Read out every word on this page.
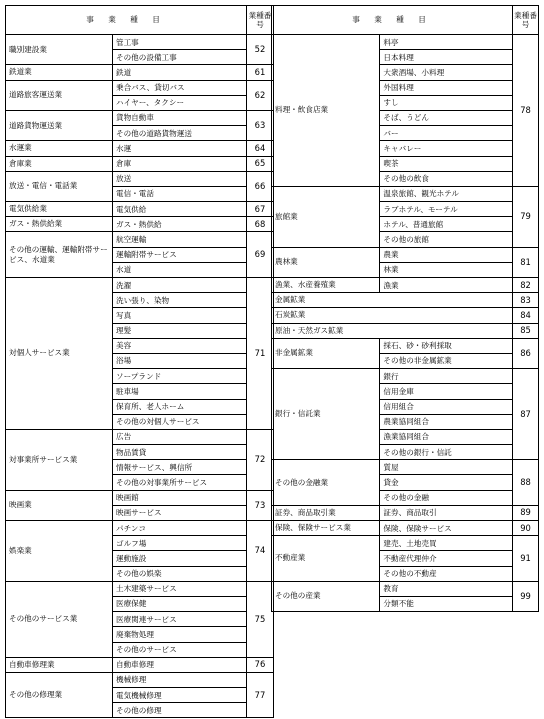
事 業 種 目		業種番号
職別建設業	管工事	52
	その他の設備工事	
鉄道業	鉄道	61
道路旅客運送業	乗合バス、貸切バス	62
	ハイヤー、タクシー	
道路貨物運送業	貨物自動車	63
	その他の道路貨物運送	
水運業	水運	64
倉庫業	倉庫	65
放送・電信・電話業	放送	66
	電信・電話	
電気供給業	電気供給	67
ガス・熱供給業	ガス・熱供給	68
その他の運輸、運輸附帯サービス、水道業	航空運輸	69
	運輸附帯サービス	
	水道	
対個人サービス業	洗濯	71
	洗い張り、染物	
	写真	
	理髪	
	美容	
	浴場	
	ソープランド	
	駐車場	
	保育所、老人ホーム	
	その他の対個人サービス	
対事業所サービス業	広告	72
	物品賃貸	
	情報サービス、興信所	
	その他の対事業所サービス	
映画業	映画館	73
	映画サービス	
娯楽業	パチンコ	74
	ゴルフ場	
	運動施設	
	その他の娯楽	
その他のサービス業	土木建築サービス	75
	医療保健	
	医療関連サービス	
	廃棄物処理	
	その他のサービス	
自動車修理業	自動車修理	76
その他の修理業	機械修理	77
	電気機械修理	
	その他の修理	
事 業 種 目		業種番号
料理・飲食店業	料亭	78
	日本料理	
	大衆酒場、小料理	
	外国料理	
	すし	
	そば、うどん	
	バー	
	キャバレー	
	喫茶	
	その他の飲食	
旅館業	温泉旅館、観光ホテル	79
	ラブホテル、モーテル	
	ホテル、普通旅館	
	その他の旅館	
農林業	農業	81
	林業	
漁業、水産養殖業	漁業	82
金属鉱業		83
石炭鉱業		84
原油・天然ガス鉱業		85
非金属鉱業	採石、砂・砂利採取	86
	その他の非金属鉱業	
銀行・信託業	銀行	87
	信用金庫	
	信用組合	
	農業協同組合	
	漁業協同組合	
	その他の銀行・信託	
その他の金融業	質屋	88
	貸金	
	その他の金融	
証券、商品取引業	証券、商品取引	89
保険、保険サービス業	保険、保険サービス	90
不動産業	建売、土地売買	91
	不動産代理仲介	
	その他の不動産	
その他の産業	教育	99
	分類不能	
